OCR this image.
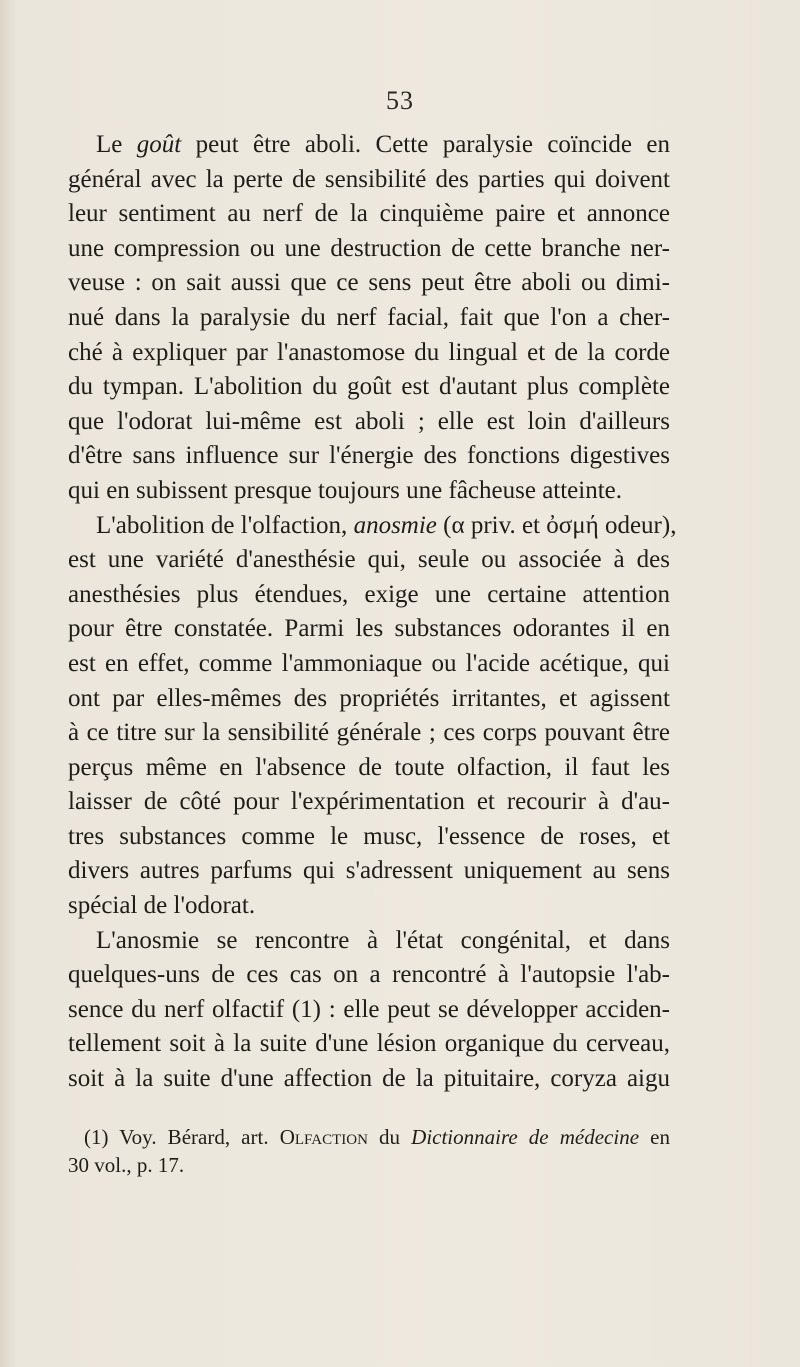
53
Le goût peut être aboli. Cette paralysie coïncide en
général avec la perte de sensibilité des parties qui doivent
leur sentiment au nerf de la cinquième paire et annonce
une compression ou une destruction de cette branche ner-
veuse : on sait aussi que ce sens peut être aboli ou dimi-
nué dans la paralysie du nerf facial, fait que l'on a cher-
ché à expliquer par l'anastomose du lingual et de la corde
du tympan. L'abolition du goût est d'autant plus complète
que l'odorat lui-même est aboli ; elle est loin d'ailleurs
d'être sans influence sur l'énergie des fonctions digestives
qui en subissent presque toujours une fâcheuse atteinte.
L'abolition de l'olfaction, anosmie (α priv. et ὀσμή odeur),
est une variété d'anesthésie qui, seule ou associée à des
anesthésies plus étendues, exige une certaine attention
pour être constatée. Parmi les substances odorantes il en
est en effet, comme l'ammoniaque ou l'acide acétique, qui
ont par elles-mêmes des propriétés irritantes, et agissent
à ce titre sur la sensibilité générale ; ces corps pouvant être
perçus même en l'absence de toute olfaction, il faut les
laisser de côté pour l'expérimentation et recourir à d'au-
tres substances comme le musc, l'essence de roses, et
divers autres parfums qui s'adressent uniquement au sens
spécial de l'odorat.
L'anosmie se rencontre à l'état congénital, et dans
quelques-uns de ces cas on a rencontré à l'autopsie l'ab-
sence du nerf olfactif (1) : elle peut se développer acciden-
tellement soit à la suite d'une lésion organique du cerveau,
soit à la suite d'une affection de la pituitaire, coryza aigu
(1) Voy. Bérard, art. Olfaction du Dictionnaire de médecine en
30 vol., p. 17.
